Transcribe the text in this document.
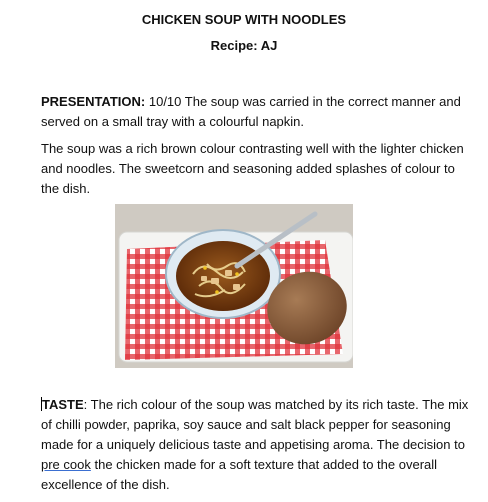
CHICKEN SOUP WITH NOODLES
Recipe: AJ

PRESENTATION: 10/10 The soup was carried in the correct manner and served on a small tray with a colourful napkin.

The soup was a rich brown colour contrasting well with the lighter chicken and noodles. The sweetcorn and seasoning added splashes of colour to the dish.

TASTE: The rich colour of the soup was matched by its rich taste. The mix of chilli powder, paprika, soy sauce and salt black pepper for seasoning made for a uniquely delicious taste and appetising aroma. The decision to pre cook the chicken made for a soft texture that added to the overall excellence of the dish.
